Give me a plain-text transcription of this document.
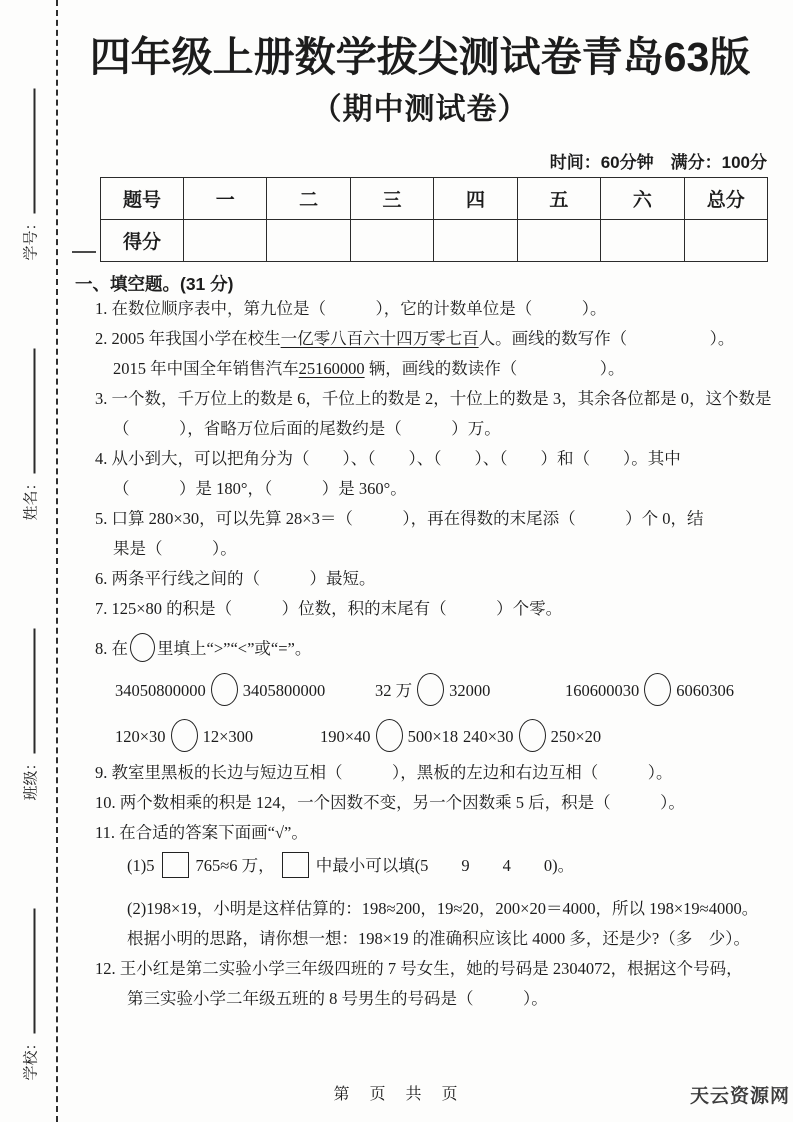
学号：
姓名：
班级：
学校：
四年级上册数学拔尖测试卷青岛63版
（期中测试卷）
时间：60分钟　满分：100分
题号	一	二	三	四	五	六	总分
得分							
一、填空题。(31 分)
1. 在数位顺序表中，第九位是（　　　），它的计数单位是（　　　）。
2. 2005 年我国小学在校生一亿零八百六十四万零七百人。画线的数写作（　　　　　）。
2015 年中国全年销售汽车25160000 辆，画线的数读作（　　　　　）。
3. 一个数，千万位上的数是 6，千位上的数是 2，十位上的数是 3，其余各位都是 0，这个数是
（　　　），省略万位后面的尾数约是（　　　）万。
4. 从小到大，可以把角分为（　　）、（　　）、（　　）、（　　）和（　　）。其中
（　　　）是 180°，（　　　）是 360°。
5. 口算 280×30，可以先算 28×3＝（　　　），再在得数的末尾添（　　　）个 0，结
果是（　　　）。
6. 两条平行线之间的（　　　）最短。
7. 125×80 的积是（　　　）位数，积的末尾有（　　　）个零。
8. 在 里填上“>”“<”或“=”。
34050800000 3405800000	32 万 32000	160600030 6060306
120×30 12×300	190×40 500×18 240×30 250×20
9. 教室里黑板的长边与短边互相（　　　），黑板的左边和右边互相（　　　）。
10. 两个数相乘的积是 124，一个因数不变，另一个因数乘 5 后，积是（　　　）。
11. 在合适的答案下面画“√”。
(1)5 765≈6 万， 中最小可以填(5　　9　　4　　0)。
(2)198×19，小明是这样估算的：198≈200，19≈20，200×20＝4000，所以 198×19≈4000。
根据小明的思路，请你想一想：198×19 的准确积应该比 4000 多，还是少?（多　少）。
12. 王小红是第二实验小学三年级四班的 7 号女生，她的号码是 2304072，根据这个号码，
第三实验小学二年级五班的 8 号男生的号码是（　　　）。
第　页　共　页	天云资源网
